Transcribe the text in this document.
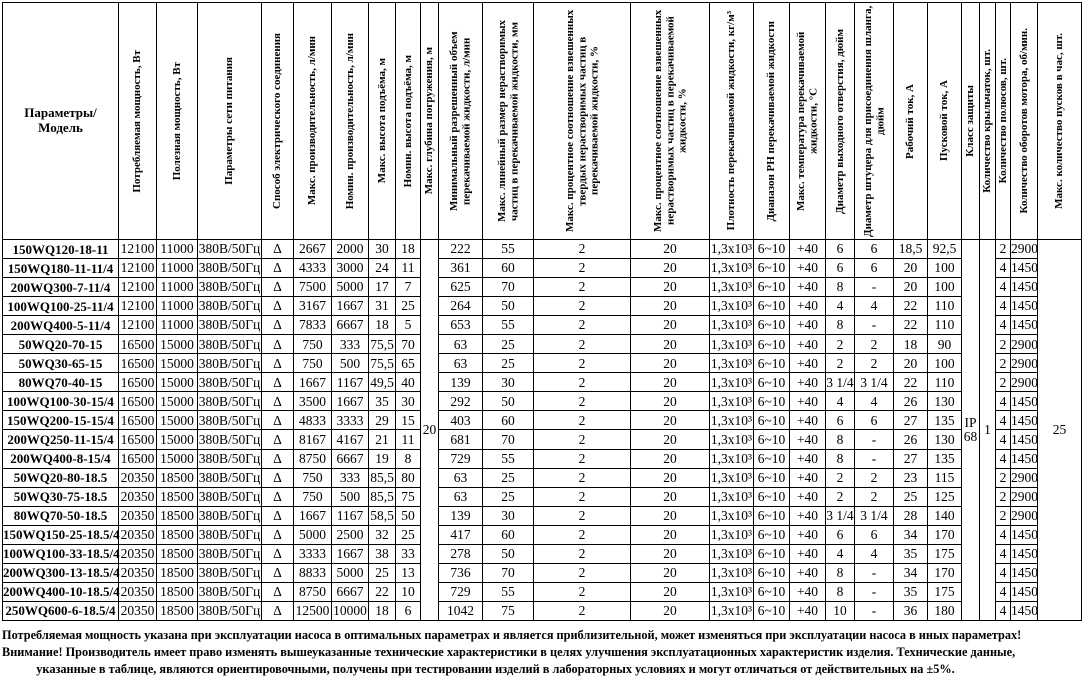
Параметры/ Модель	Потребляемая мощность, Вт	Полезная мощность, Вт	Параметры сети питания	Способ электрического соединения	Макс. производительность, л/мин	Номин. производительность, л/мин	Макс. высота подъёма, м	Номин. высота подъёма, м	Макс. глубина погружения, м	Минимальный разрешенный объем перекачиваемой жидкости, л/мин	Макс. линейный размер нерастворимых частиц в перекачиваемой жидкости, мм	Макс. процентное соотношение взвешенных твердых нерастворимых частиц в перекачиваемой жидкости, %	Макс. процентное соотношение взвешенных нерастворимых частиц в перекачиваемой жидкости, %	Плотность перекачиваемой жидкости, кг/м³	Диапазон PH перекачиваемой жидкости	Макс. температура перекачиваемой жидкости, °С	Диаметр выходного отверстия, дюйм	Диаметр штуцера для присоединения шланга, дюйм	Рабочий ток, А	Пусковой ток, А	Класс защиты	Количество крыльчаток, шт.	Количество полюсов, шт.	Количество оборотов мотора, об/мин.	Макс. количество пусков в час, шт.

150WQ120-18-11	12100	11000	380В/50Гц	Δ	2667	2000	30	18	20	222	55	2	20	1,3x10³	6~10	+40	6	6	18,5	92,5	IP 68	1	2	2900	25
150WQ180-11-11/4	12100	11000	380В/50Гц	Δ	4333	3000	24	11		361	60	2	20	1,3x10³	6~10	+40	6	6	20	100			4	1450	
200WQ300-7-11/4	12100	11000	380В/50Гц	Δ	7500	5000	17	7		625	70	2	20	1,3x10³	6~10	+40	8	-	20	100			4	1450	
100WQ100-25-11/4	12100	11000	380В/50Гц	Δ	3167	1667	31	25		264	50	2	20	1,3x10³	6~10	+40	4	4	22	110			4	1450	
200WQ400-5-11/4	12100	11000	380В/50Гц	Δ	7833	6667	18	5		653	55	2	20	1,3x10³	6~10	+40	8	-	22	110			4	1450	
50WQ20-70-15	16500	15000	380В/50Гц	Δ	750	333	75,5	70		63	25	2	20	1,3x10³	6~10	+40	2	2	18	90			2	2900	
50WQ30-65-15	16500	15000	380В/50Гц	Δ	750	500	75,5	65		63	25	2	20	1,3x10³	6~10	+40	2	2	20	100			2	2900	
80WQ70-40-15	16500	15000	380В/50Гц	Δ	1667	1167	49,5	40		139	30	2	20	1,3x10³	6~10	+40	3 1/4	3 1/4	22	110			2	2900	
100WQ100-30-15/4	16500	15000	380В/50Гц	Δ	3500	1667	35	30		292	50	2	20	1,3x10³	6~10	+40	4	4	26	130			4	1450	
150WQ200-15-15/4	16500	15000	380В/50Гц	Δ	4833	3333	29	15		403	60	2	20	1,3x10³	6~10	+40	6	6	27	135			4	1450	
200WQ250-11-15/4	16500	15000	380В/50Гц	Δ	8167	4167	21	11		681	70	2	20	1,3x10³	6~10	+40	8	-	26	130			4	1450	
200WQ400-8-15/4	16500	15000	380В/50Гц	Δ	8750	6667	19	8		729	55	2	20	1,3x10³	6~10	+40	8	-	27	135			4	1450	
50WQ20-80-18.5	20350	18500	380В/50Гц	Δ	750	333	85,5	80		63	25	2	20	1,3x10³	6~10	+40	2	2	23	115			2	2900	
50WQ30-75-18.5	20350	18500	380В/50Гц	Δ	750	500	85,5	75		63	25	2	20	1,3x10³	6~10	+40	2	2	25	125			2	2900	
80WQ70-50-18.5	20350	18500	380В/50Гц	Δ	1667	1167	58,5	50		139	30	2	20	1,3x10³	6~10	+40	3 1/4	3 1/4	28	140			2	2900	
150WQ150-25-18.5/4	20350	18500	380В/50Гц	Δ	5000	2500	32	25		417	60	2	20	1,3x10³	6~10	+40	6	6	34	170			4	1450	
100WQ100-33-18.5/4	20350	18500	380В/50Гц	Δ	3333	1667	38	33		278	50	2	20	1,3x10³	6~10	+40	4	4	35	175			4	1450	
200WQ300-13-18.5/4	20350	18500	380В/50Гц	Δ	8833	5000	25	13		736	70	2	20	1,3x10³	6~10	+40	8	-	34	170			4	1450	
200WQ400-10-18.5/4	20350	18500	380В/50Гц	Δ	8750	6667	22	10		729	55	2	20	1,3x10³	6~10	+40	8	-	35	175			4	1450	
250WQ600-6-18.5/4	20350	18500	380В/50Гц	Δ	12500	10000	18	6		1042	75	2	20	1,3x10³	6~10	+40	10	-	36	180			4	1450	
Потребляемая мощность указана при эксплуатации насоса в оптимальных параметрах и является приблизительной, может изменяться при эксплуатации насоса в иных параметрах!
Внимание! Производитель имеет право изменять вышеуказанные технические характеристики в целях улучшения эксплуатационных характеристик изделия. Технические данные,
указанные в таблице, являются ориентировочными, получены при тестировании изделий в лабораторных условиях и могут отличаться от действительных на ±5%.
